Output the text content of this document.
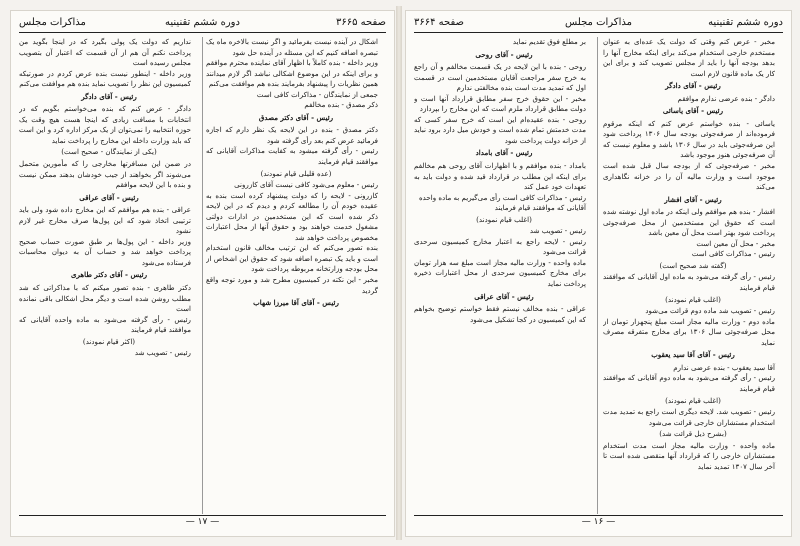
دوره ششم تقنینیه
مذاکرات مجلس
صفحه ۳۶۶۴

مخبر - عرض کنم وقتی که دولت یک عده‌ای به عنوان مستخدم خارجی استخدام می‌کند برای اینکه مخارج آنها را بدهد بودجه آنها را باید از مجلس تصویب کند و برای این کار یک ماده قانون لازم است

رئیس - آقای دادگر

دادگر - بنده عرضی ندارم موافقم

رئیس - آقای یاسائی

یاسائی - بنده خواستم عرض کنم که اینکه مرقوم فرموده‌اند از صرفه‌جوئی بودجه سال ۱۳۰۶ پرداخت شود این صرفه‌جوئی باید در سال ۱۳۰۶ باشد و معلوم نیست که آن صرفه‌جوئی هنوز موجود باشد

مخبر - صرفه‌جوئی که از بودجه سال قبل شده است موجود است و وزارت مالیه آن را در خزانه نگاهداری می‌کند

رئیس - آقای افشار

افشار - بنده هم موافقم ولی اینکه در ماده اول نوشته شده است که حقوق این مستخدمین از محل صرفه‌جوئی پرداخت شود بهتر است محل آن معین باشد

مخبر - محل آن معین است

رئیس - مذاکرات کافی است

(گفته شد صحیح است)

رئیس - رأی گرفته می‌شود به ماده اول آقایانی که موافقند قیام فرمایند

(اغلب قیام نمودند)

رئیس - تصویب شد ماده دوم قرائت می‌شود

ماده دوم - وزارت مالیه مجاز است مبلغ پنجهزار تومان از محل صرفه‌جوئی سال ۱۳۰۶ برای مخارج متفرقه مصرف نماید

رئیس - آقای آقا سید یعقوب

آقا سید یعقوب - بنده عرضی ندارم

رئیس - رأی گرفته می‌شود به ماده دوم آقایانی که موافقند قیام فرمایند

(اغلب قیام نمودند)

رئیس - تصویب شد. لایحه دیگری است راجع به تمدید مدت استخدام مستشاران خارجی قرائت می‌شود

(بشرح ذیل قرائت شد)

ماده واحده - وزارت مالیه مجاز است مدت استخدام مستشاران خارجی را که قرارداد آنها منقضی شده است تا آخر سال ۱۳۰۷ تمدید نماید

بر مطلع فوق تقدیم نماید

رئیس - آقای روحی

روحی - بنده با این لایحه در یک قسمت مخالفم و آن راجع به خرج سفر مراجعت آقایان مستخدمین است در قسمت اول که تمدید مدت است بنده مخالفتی ندارم

مخبر - این حقوق خرج سفر مطابق قرارداد آنها است و دولت مطابق قرارداد ملزم است که این مخارج را بپردازد

روحی - بنده عقیده‌ام این است که خرج سفر کسی که مدت خدمتش تمام شده است و خودش میل دارد برود نباید از خزانه دولت پرداخت شود

رئیس - آقای بامداد

بامداد - بنده موافقم و با اظهارات آقای روحی هم مخالفم برای اینکه این مطلب در قرارداد قید شده و دولت باید به تعهدات خود عمل کند

رئیس - مذاکرات کافی است رأی می‌گیریم به ماده واحده

آقایانی که موافقند قیام فرمایند

(اغلب قیام نمودند)

رئیس - تصویب شد

رئیس - لایحه راجع به اعتبار مخارج کمیسیون سرحدی قرائت می‌شود

ماده واحده - وزارت مالیه مجاز است مبلغ سه هزار تومان برای مخارج کمیسیون سرحدی از محل اعتبارات ذخیره پرداخت نماید

رئیس - آقای عراقی

عراقی - بنده مخالف نیستم فقط خواستم توضیح بخواهم که این کمیسیون در کجا تشکیل می‌شود

— ۱۶ —
صفحه ۳۶۶۵
دوره ششم تقنینیه
مذاکرات مجلس

اشکال در آینده نیست بفرمائید و اگر نیست بالاخره ماه یک تبصره اضافه کنیم که این مسئله در آینده حل شود

وزیر داخله - بنده کاملاً با اظهار آقای نماینده محترم موافقم و برای اینکه در این موضوع اشکالی نباشد اگر لازم میدانند همین نظریات را پیشنهاد بفرمایند بنده هم موافقت می‌کنم

جمعی از نمایندگان - مذاکرات کافی است

ذکر مصدق - بنده مخالفم

رئیس - آقای دکتر مصدق

دکتر مصدق - بنده در این لایحه یک نظر دارم که اجازه فرمائید عرض کنم بعد رأی گرفته شود

رئیس - رأی گرفته میشود به کفایت مذاکرات آقایانی که موافقند قیام فرمایند

(عده قلیلی قیام نمودند)

رئیس - معلوم می‌شود کافی نیست آقای کازرونی

کازرونی - لایحه را که دولت پیشنهاد کرده است بنده به عقیده خودم آن را مطالعه کردم و دیدم که در این لایحه ذکر شده است که این مستخدمین در ادارات دولتی مشغول خدمت خواهند بود و حقوق آنها از محل اعتبارات مخصوص پرداخت خواهد شد

بنده تصور می‌کنم که این ترتیب مخالف قانون استخدام است و باید یک تبصره اضافه شود که حقوق این اشخاص از محل بودجه وزارتخانه مربوطه پرداخت شود

مخبر - این نکته در کمیسیون مطرح شد و مورد توجه واقع گردید

رئیس - آقای آقا میرزا شهاب

نداریم که دولت یک پولی بگیرد که در اینجا بگوید من پرداخت نکنم آن هم از آن قسمت که اعتبار آن بتصویب مجلس رسیده است

وزیر داخله - اینطور نیست بنده عرض کردم در صورتیکه کمیسیون این نظر را تصویب نماید بنده هم موافقت می‌کنم

رئیس - آقای دادگر

دادگر - عرض کنم که بنده می‌خواستم بگویم که در انتخابات با مسافت زیادی که اینجا هست هیچ وقت یک حوزه انتخابیه را نمی‌توان از یک مرکز اداره کرد و این است که باید وزارت داخله این مخارج را پرداخت نماید

(یکی از نمایندگان - صحیح است)

در ضمن این مسافرتها مخارجی را که مأمورین متحمل می‌شوند اگر بخواهند از جیب خودشان بدهند ممکن نیست و بنده با این لایحه موافقم

رئیس - آقای عراقی

عراقی - بنده هم موافقم که این مخارج داده شود ولی باید ترتیبی اتخاذ شود که این پول‌ها صرف مخارج غیر لازم نشود

وزیر داخله - این پول‌ها بر طبق صورت حساب صحیح پرداخت خواهد شد و حساب آن به دیوان محاسبات فرستاده می‌شود

رئیس - آقای دکتر طاهری

دکتر طاهری - بنده تصور میکنم که با مذاکراتی که شد مطلب روشن شده است و دیگر محل اشکالی باقی نمانده است

رئیس - رأی گرفته می‌شود به ماده واحده آقایانی که موافقند قیام فرمایند

(اکثر قیام نمودند)

رئیس - تصویب شد

— ۱۷ —
